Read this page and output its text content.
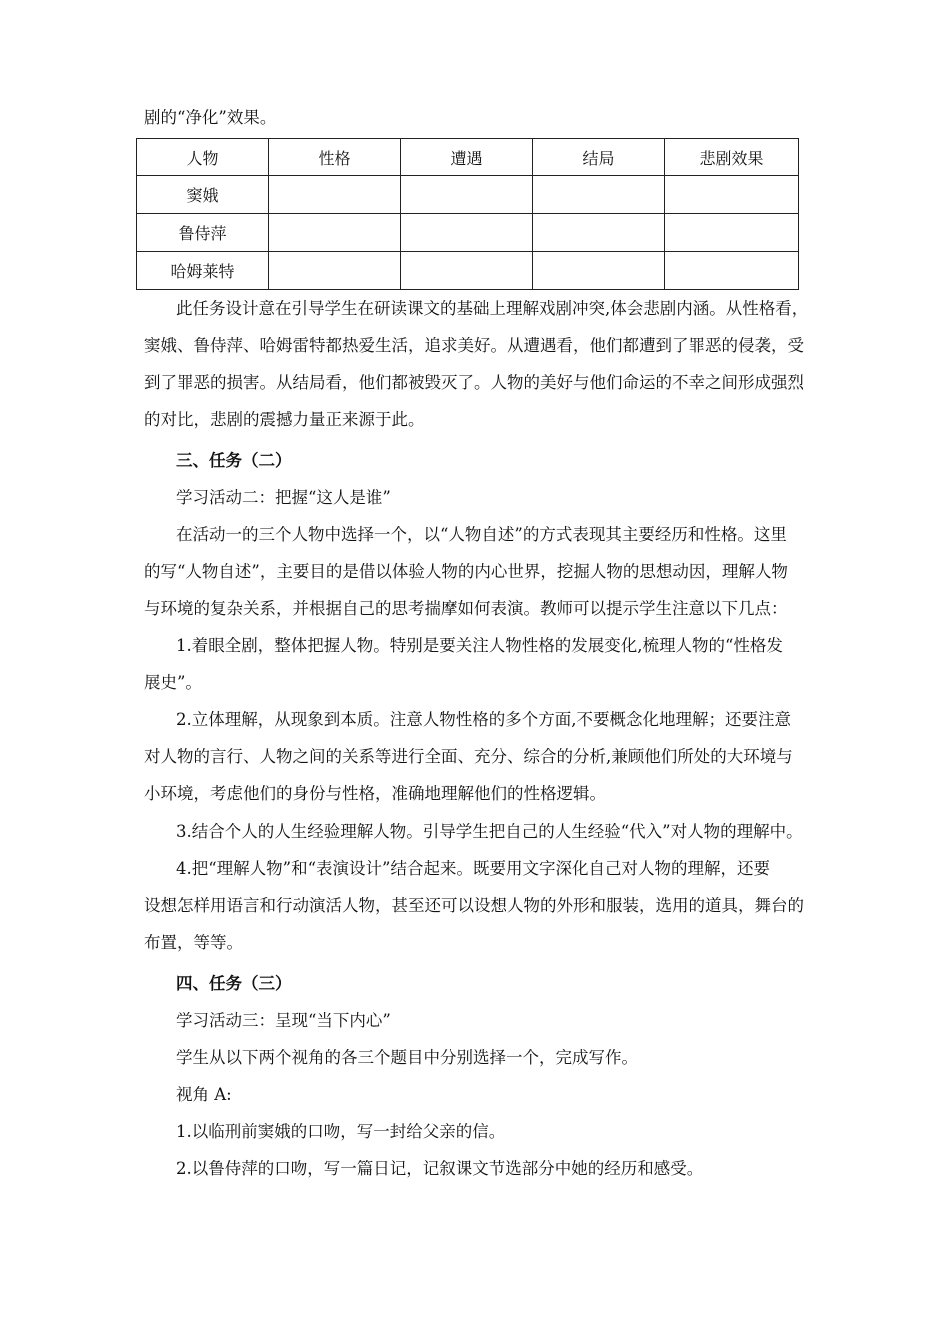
剧的“净化”效果。
人物	性格	遭遇	结局	悲剧效果
窦娥				
鲁侍萍				
哈姆莱特				
此任务设计意在引导学生在研读课文的基础上理解戏剧冲突,体会悲剧内涵。从性格看，
窦娥、鲁侍萍、哈姆雷特都热爱生活，追求美好。从遭遇看，他们都遭到了罪恶的侵袭，受
到了罪恶的损害。从结局看，他们都被毁灭了。人物的美好与他们命运的不幸之间形成强烈
的对比，悲剧的震撼力量正来源于此。
三、任务（二）
学习活动二：把握“这人是谁”
在活动一的三个人物中选择一个，以“人物自述”的方式表现其主要经历和性格。这里
的写“人物自述”，主要目的是借以体验人物的内心世界，挖掘人物的思想动因，理解人物
与环境的复杂关系，并根据自己的思考揣摩如何表演。教师可以提示学生注意以下几点：
1.着眼全剧，整体把握人物。特别是要关注人物性格的发展变化,梳理人物的“性格发
展史”。
2.立体理解，从现象到本质。注意人物性格的多个方面,不要概念化地理解；还要注意
对人物的言行、人物之间的关系等进行全面、充分、综合的分析,兼顾他们所处的大环境与
小环境，考虑他们的身份与性格，准确地理解他们的性格逻辑。
3.结合个人的人生经验理解人物。引导学生把自己的人生经验“代入”对人物的理解中。
4.把“理解人物”和“表演设计”结合起来。既要用文字深化自己对人物的理解，还要
设想怎样用语言和行动演活人物，甚至还可以设想人物的外形和服装，选用的道具，舞台的
布置，等等。
四、任务（三）
学习活动三：呈现“当下内心”
学生从以下两个视角的各三个题目中分别选择一个，完成写作。
视角 A:
1.以临刑前窦娥的口吻，写一封给父亲的信。
2.以鲁侍萍的口吻，写一篇日记，记叙课文节选部分中她的经历和感受。
